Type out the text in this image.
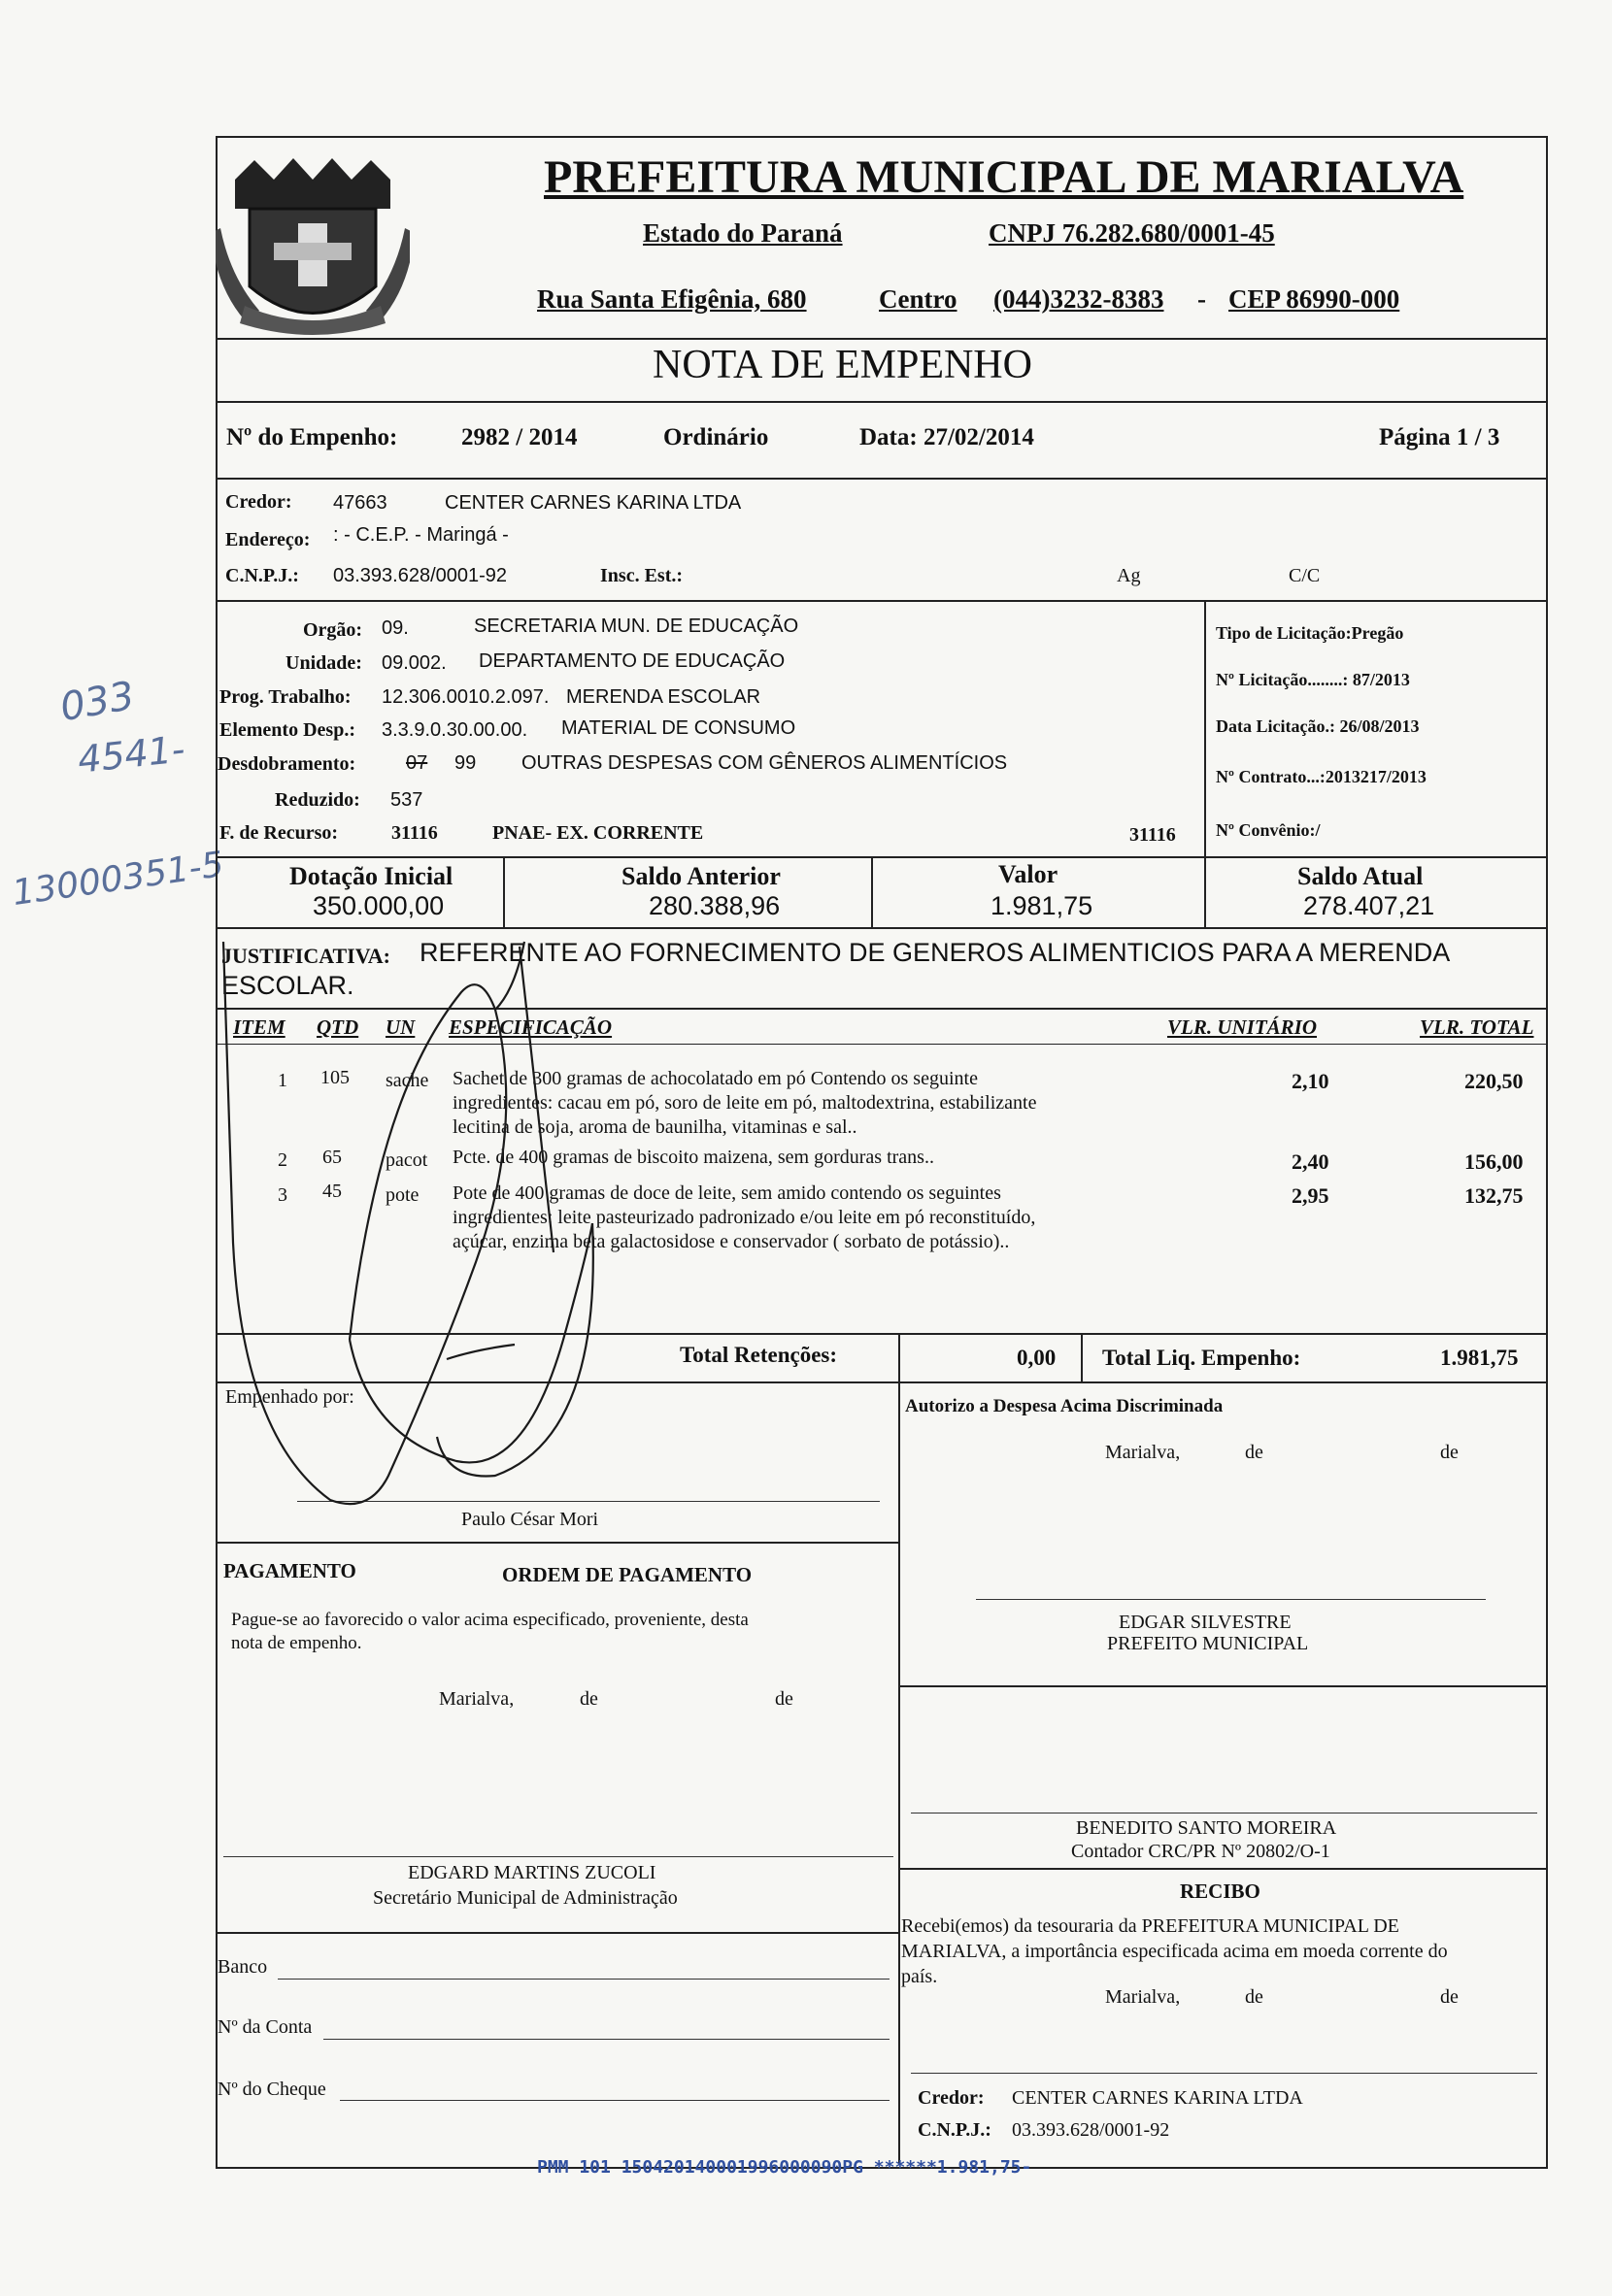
033
4541-
13000351-5
PREFEITURA MUNICIPAL DE MARIALVA
Estado do Paraná	CNPJ 76.282.680/0001-45
Rua Santa Efigênia, 680	Centro (044)3232-8383 - CEP 86990-000
NOTA DE EMPENHO
Nº do Empenho:	2982 / 2014	Ordinário	Data: 27/02/2014	Página 1 / 3
Credor: 47663	CENTER CARNES KARINA LTDA
Endereço: : - C.E.P. - Maringá -
C.N.P.J.: 03.393.628/0001-92	Insc. Est.:	Ag	C/C
Orgão: 09.	SECRETARIA MUN. DE EDUCAÇÃO
Unidade: 09.002. DEPARTAMENTO DE EDUCAÇÃO
Prog. Trabalho: 12.306.0010.2.097. MERENDA ESCOLAR
Elemento Desp.: 3.3.9.0.30.00.00. MATERIAL DE CONSUMO
Desdobramento:	07 99 OUTRAS DESPESAS COM GÊNEROS ALIMENTÍCIOS
Reduzido: 537
F. de Recurso:	31116	PNAE- EX. CORRENTE	31116
Tipo de Licitação:Pregão
Nº Licitação........: 87/2013
Data Licitação.: 26/08/2013
Nº Contrato...:2013217/2013
Nº Convênio:/
Dotação Inicial
350.000,00
Saldo Anterior
280.388,96
Valor
1.981,75
Saldo Atual
278.407,21
JUSTIFICATIVA: REFERENTE AO FORNECIMENTO DE GENEROS ALIMENTICIOS PARA A MERENDA
ESCOLAR.
ITEM QTD UN ESPECIFICAÇÃO	VLR. UNITÁRIO	VLR. TOTAL
1 105 sache Sachet de 300 gramas de achocolatado em pó Contendo os seguinte
ingredientes: cacau em pó, soro de leite em pó, maltodextrina, estabilizante
lecitina de soja, aroma de baunilha, vitaminas e sal..
2,10	220,50
2 65 pacot Pcte. de 400 gramas de biscoito maizena, sem gorduras trans..	2,40	156,00
3 45 pote Pote de 400 gramas de doce de leite, sem amido contendo os seguintes
ingredientes: leite pasteurizado padronizado e/ou leite em pó reconstituído,
açúcar, enzima beta galactosidose e conservador ( sorbato de potássio)..
2,95	132,75
Total Retenções:	0,00 Total Liq. Empenho:	1.981,75
Empenhado por:
Paulo César Mori
Autorizo a Despesa Acima Discriminada
Marialva,	de	de
PAGAMENTO	ORDEM DE PAGAMENTO
Pague-se ao favorecido o valor acima especificado, proveniente, desta
nota de empenho.
Marialva,	de	de
EDGAR SILVESTRE
PREFEITO MUNICIPAL
BENEDITO SANTO MOREIRA
Contador CRC/PR Nº 20802/O-1
EDGARD MARTINS ZUCOLI
Secretário Municipal de Administração	RECIBO
Recebi(emos) da tesouraria da PREFEITURA MUNICIPAL DE
MARIALVA, a importância especificada acima em moeda corrente do
país.
Marialva,	de	de
Banco
Nº da Conta
Nº do Cheque	Credor: CENTER CARNES KARINA LTDA
C.N.P.J.: 03.393.628/0001-92
PMM 101 150420140001996000090PG ******1.981,75-
